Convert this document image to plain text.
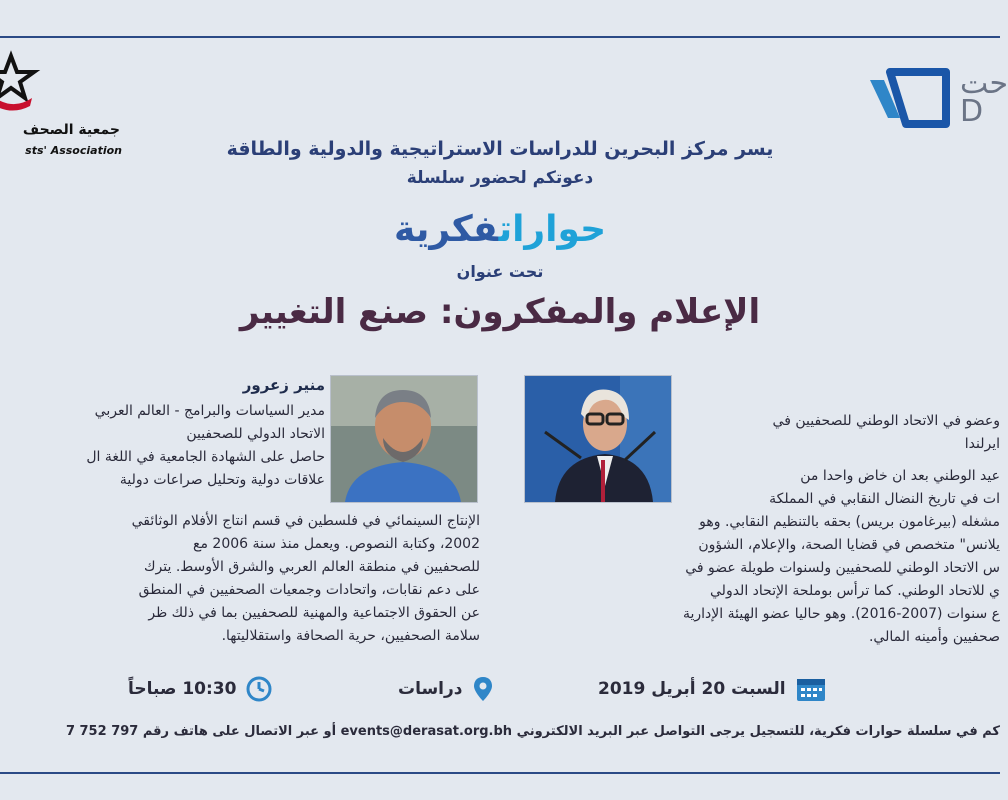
جمعية الصحف
sts' Association
حت
D
يسر مركز البحرين للدراسات الاستراتيجية والدولية والطاقة
دعوتكم لحضور سلسلة
حواراتفكرية
تحت عنوان
الإعلام والمفكرون: صنع التغيير
وعضو في الاتحاد الوطني للصحفيين في
ايرلندا
عيد الوطني بعد ان خاض واحدا من
ات في تاريخ النضال النقابي في المملكة
مشغله (بيرغامون بريس) بحقه بالتنظيم النقابي. وهو
يلانس" متخصص في قضايا الصحة، والإعلام، الشؤون
س الاتحاد الوطني للصحفيين ولسنوات طويلة عضو في
ي للاتحاد الوطني. كما ترأس بوملحة الإتحاد الدولي
ع سنوات (2007-2016). وهو حاليا عضو الهيئة الإدارية
صحفيين وأمينه المالي.
منير زعرور
مدير السياسات والبرامج - العالم العربي
الاتحاد الدولي للصحفيين
حاصل على الشهادة الجامعية في اللغة ال
علاقات دولية وتحليل صراعات دولية
الإنتاج السينمائي في فلسطين في قسم انتاج الأفلام الوثائقي
2002، وكتابة النصوص. ويعمل منذ سنة 2006 مع
للصحفيين في منطقة العالم العربي والشرق الأوسط. يترك
على دعم نقابات، واتحادات وجمعيات الصحفيين في المنطق
عن الحقوق الاجتماعية والمهنية للصحفيين بما في ذلك ظر
سلامة الصحفيين، حرية الصحافة واستقلاليتها.
السبت 20 أبريل 2019
دراسات
10:30 صباحاً
كم في سلسلة حوارات فكرية، للتسجيل يرجى التواصل عبر البريد الالكتروني events@derasat.org.bh أو عبر الاتصال على هاتف رقم 797 752 7
